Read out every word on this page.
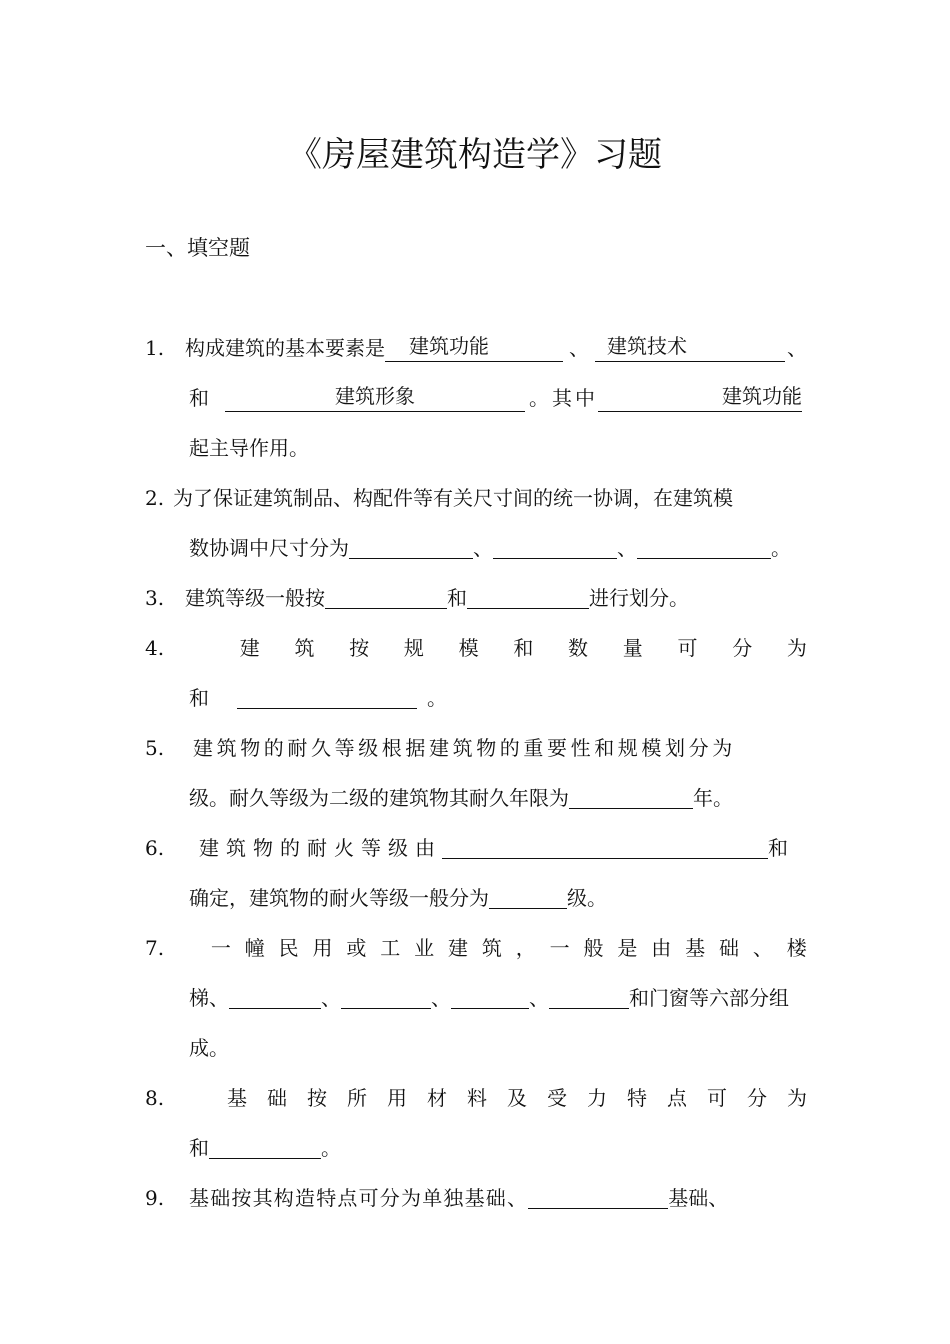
《房屋建筑构造学》习题
一、填空题
1. 构成建筑的基本要素是 建筑功能	、 建筑技术	、
和	建筑形象	。其中	建筑功能
起主导作用。
2. 为了保证建筑制品、构配件等有关尺寸间的统一协调，在建筑模
数协调中尺寸分为	、	、	。
3. 建筑等级一般按	和	进行划分。
4.	建 筑 按 规 模 和 数 量 可 分 为
和	。
5. 建筑物的耐久等级根据建筑物的重要性和规模划分为
级。耐久等级为二级的建筑物其耐久年限为	年。
6. 建筑物的耐火等级由	和
确定，建筑物的耐火等级一般分为	级。
7.	一 幢 民 用 或 工 业 建 筑 ， 一 般 是 由 基 础 、 楼
梯、	、	、	、	和门窗等六部分组
成。
8.	基 础 按 所 用 材 料 及 受 力 特 点 可 分 为
和	。
9. 基础按其构造特点可分为单独基础、	基础、
